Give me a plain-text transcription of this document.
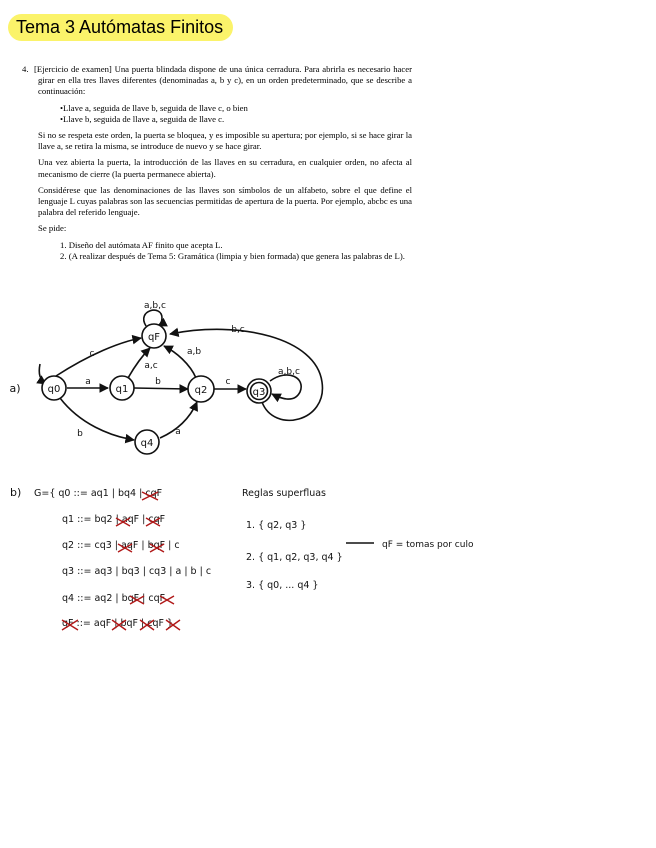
Tema 3 Autómatas Finitos

4. [Ejercicio de examen] Una puerta blindada dispone de una única cerradura. Para abrirla es necesario hacer girar en ella tres llaves diferentes (denominadas a, b y c), en un orden predeterminado, que se describe a continuación:

•Llave a, seguida de llave b, seguida de llave c, o bien
•Llave b, seguida de llave a, seguida de llave c.

Si no se respeta este orden, la puerta se bloquea, y es imposible su apertura; por ejemplo, si se hace girar la llave a, se retira la misma, se introduce de nuevo y se hace girar.

Una vez abierta la puerta, la introducción de las llaves en su cerradura, en cualquier orden, no afecta al mecanismo de cierre (la puerta permanece abierta).

Considérese que las denominaciones de las llaves son símbolos de un alfabeto, sobre el que define el lenguaje L cuyas palabras son las secuencias permitidas de apertura de la puerta. Por ejemplo, abcbc es una palabra del referido lenguaje.

Se pide:

1. Diseño del autómata AF finito que acepta L.
2. (A realizar después de Tema 5: Gramática (limpia y bien formada) que genera las palabras de L).
q0	q1	q2	q3
q4
qF
a)
c
a
b
b
a,c
a,b
c
a,b,c
b,c
a
a,b,c
b) G={ q0 ::= aq1 | bq4 | cqF
q1 ::= bq2 | aqF | cqF
q2 ::= cq3 | aqF | bqF | c
q3 ::= aq3 | bq3 | cq3 | a | b | c
q4 ::= aq2 | bqF | cqF
qF ::= aqF | bqF | cqF }
Reglas superfluas
1. { q2, q3 }
2. { q1, q2, q3, q4 }
3. { q0, ... q4 }
qF = tomas por culo
